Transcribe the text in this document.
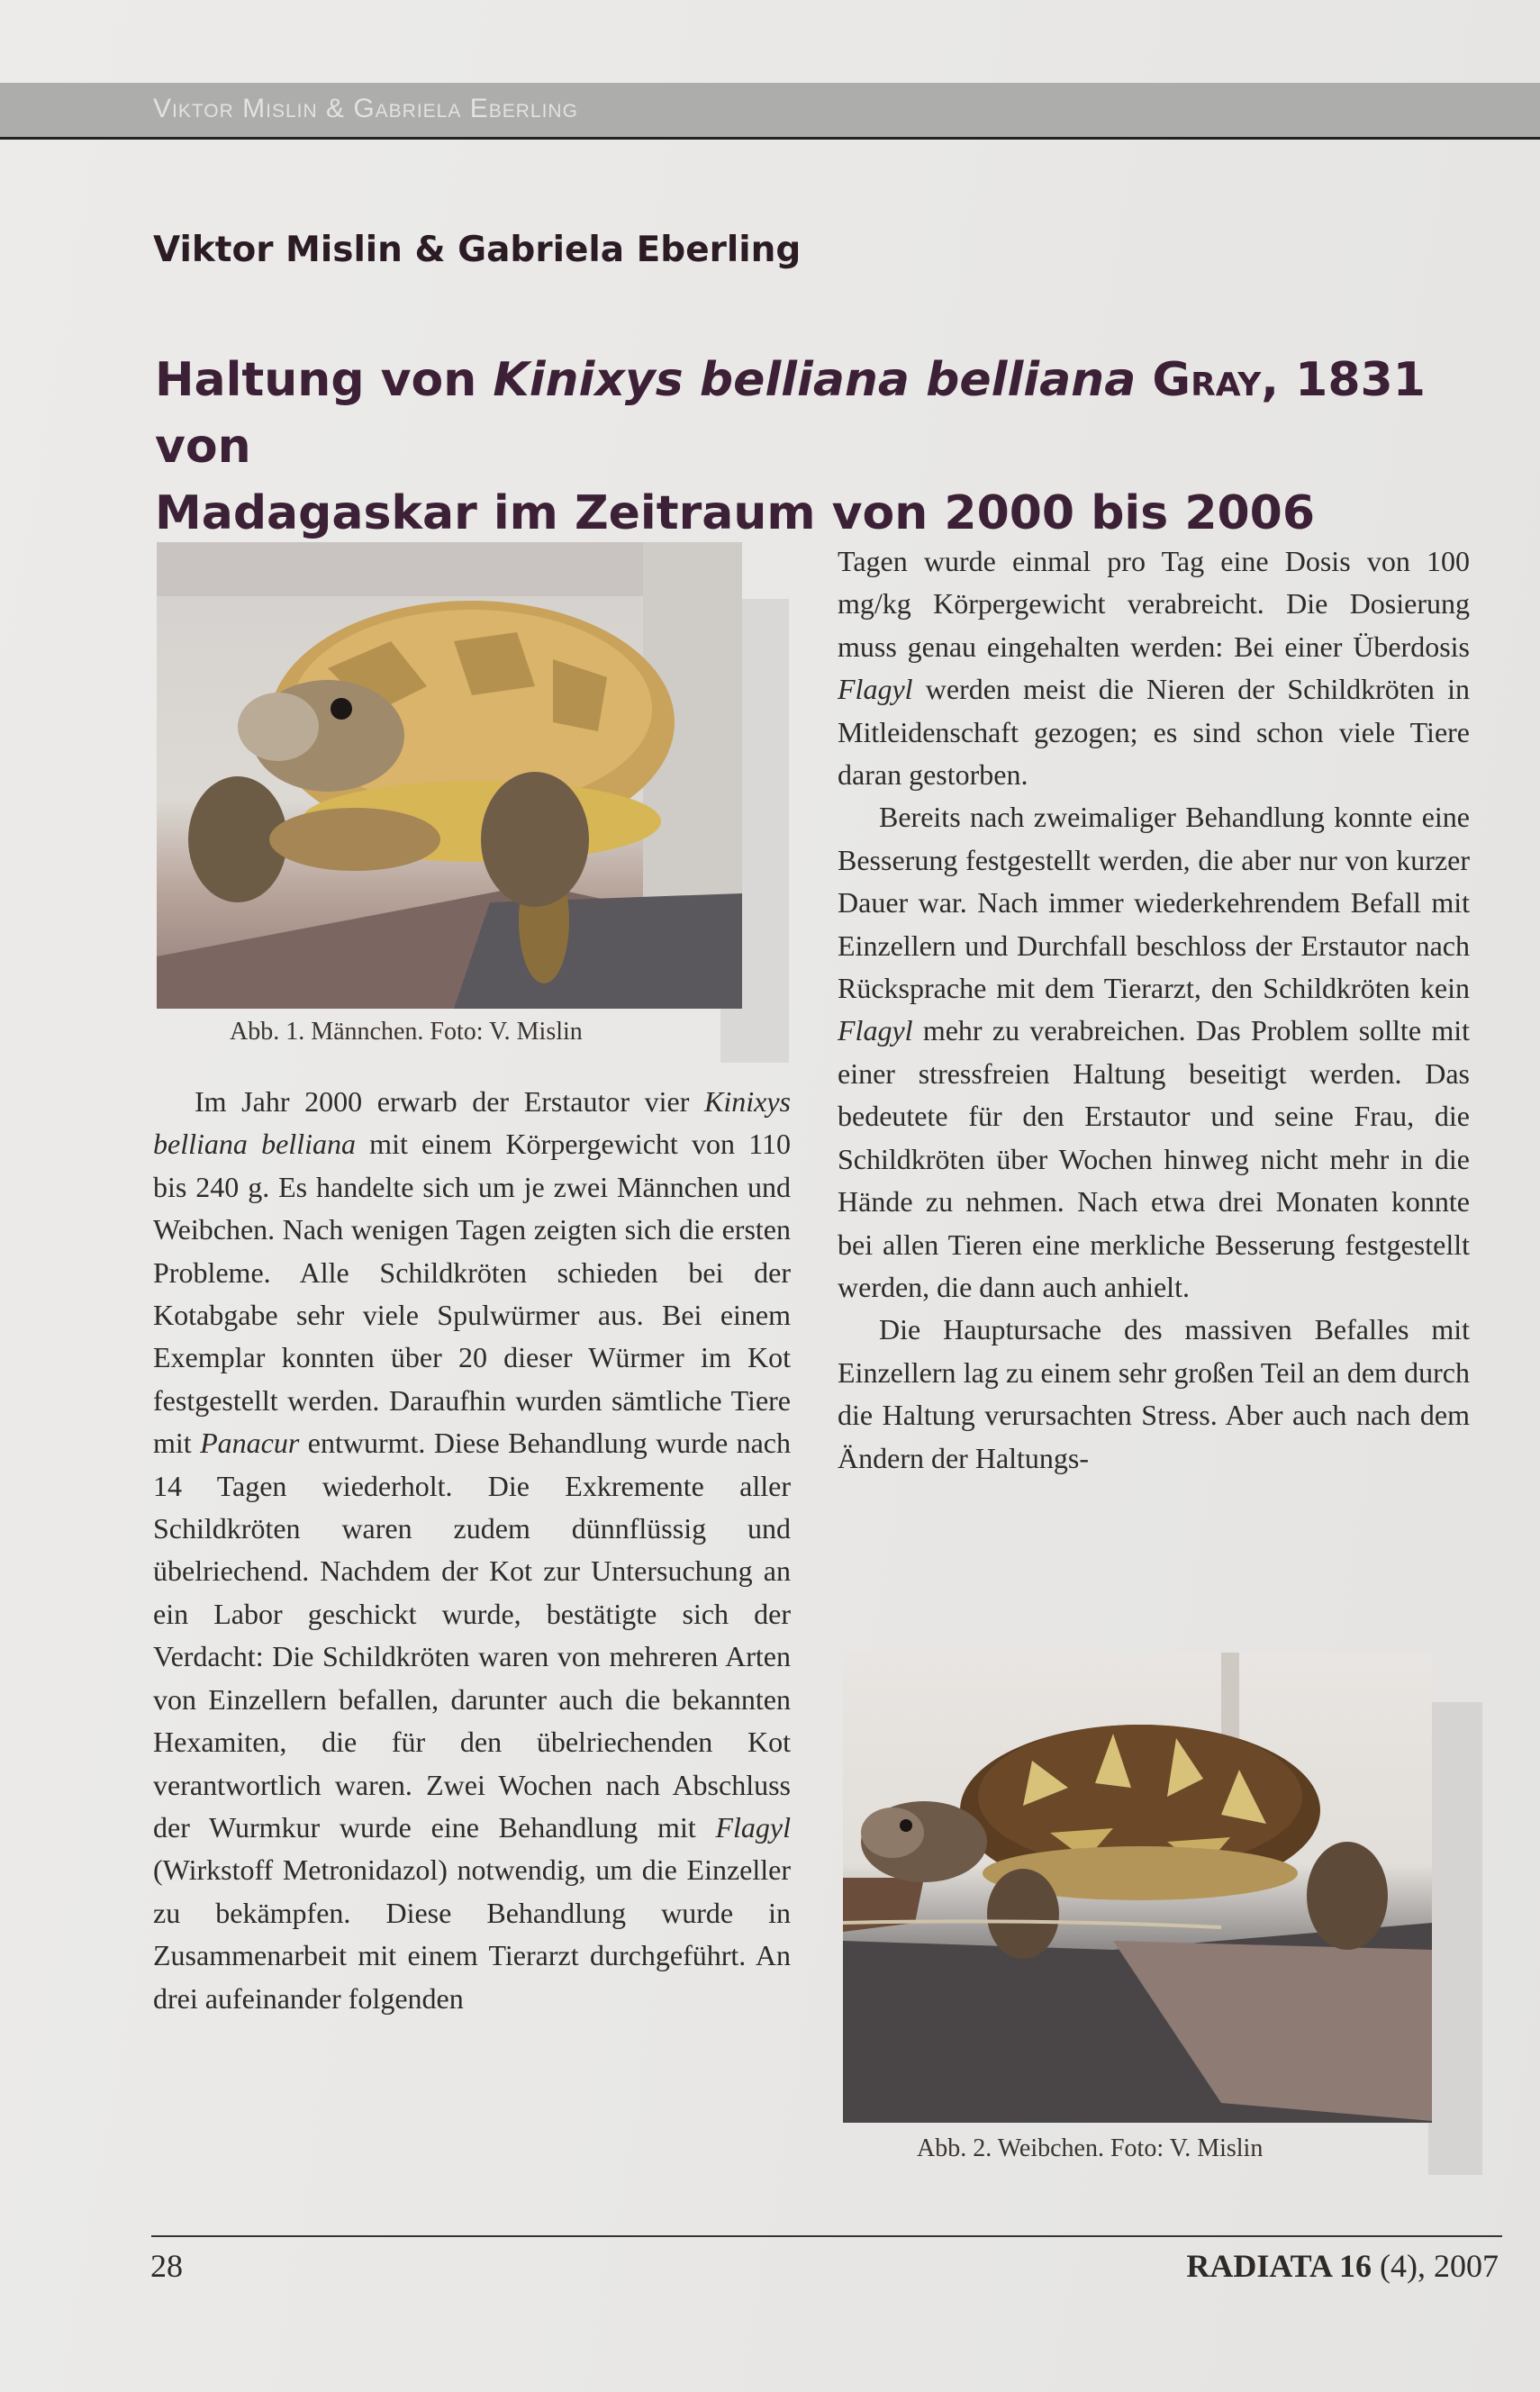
Viktor Mislin & Gabriela Eberling
Viktor Mislin & Gabriela Eberling
Haltung von Kinixys belliana belliana Gray, 1831 von
Madagaskar im Zeitraum von 2000 bis 2006
Abb. 1. Männchen. Foto: V. Mislin

Im Jahr 2000 erwarb der Erstautor vier Kinixys belliana belliana mit einem Körpergewicht von 110 bis 240 g. Es handelte sich um je zwei Männchen und Weibchen. Nach wenigen Tagen zeigten sich die ersten Probleme. Alle Schildkröten schieden bei der Kotabgabe sehr viele Spulwürmer aus. Bei einem Exemplar konnten über 20 dieser Würmer im Kot festgestellt werden. Daraufhin wurden sämtliche Tiere mit Panacur entwurmt. Diese Behandlung wurde nach 14 Tagen wiederholt. Die Exkremente aller Schildkröten waren zudem dünnflüssig und übelriechend. Nachdem der Kot zur Untersuchung an ein Labor geschickt wurde, bestätigte sich der Verdacht: Die Schildkröten waren von mehreren Arten von Einzellern befallen, darunter auch die bekannten Hexamiten, die für den übelriechenden Kot verantwortlich waren. Zwei Wochen nach Abschluss der Wurmkur wurde eine Behandlung mit Flagyl (Wirkstoff Metronidazol) notwendig, um die Einzeller zu bekämpfen. Diese Behandlung wurde in Zusammenarbeit mit einem Tierarzt durchgeführt. An drei aufeinander folgenden

Tagen wurde einmal pro Tag eine Dosis von 100 mg/kg Körpergewicht verabreicht. Die Dosierung muss genau eingehalten werden: Bei einer Überdosis Flagyl werden meist die Nieren der Schildkröten in Mitleidenschaft gezogen; es sind schon viele Tiere daran gestorben.

Bereits nach zweimaliger Behandlung konnte eine Besserung festgestellt werden, die aber nur von kurzer Dauer war. Nach immer wiederkehrendem Befall mit Einzellern und Durchfall beschloss der Erstautor nach Rücksprache mit dem Tierarzt, den Schildkröten kein Flagyl mehr zu verabreichen. Das Problem sollte mit einer stressfreien Haltung beseitigt werden. Das bedeutete für den Erstautor und seine Frau, die Schildkröten über Wochen hinweg nicht mehr in die Hände zu nehmen. Nach etwa drei Monaten konnte bei allen Tieren eine merkliche Besserung festgestellt werden, die dann auch anhielt.

Die Hauptursache des massiven Befalles mit Einzellern lag zu einem sehr großen Teil an dem durch die Haltung verursachten Stress. Aber auch nach dem Ändern der Haltungs-

Abb. 2. Weibchen. Foto: V. Mislin
28	RADIATA 16 (4), 2007
